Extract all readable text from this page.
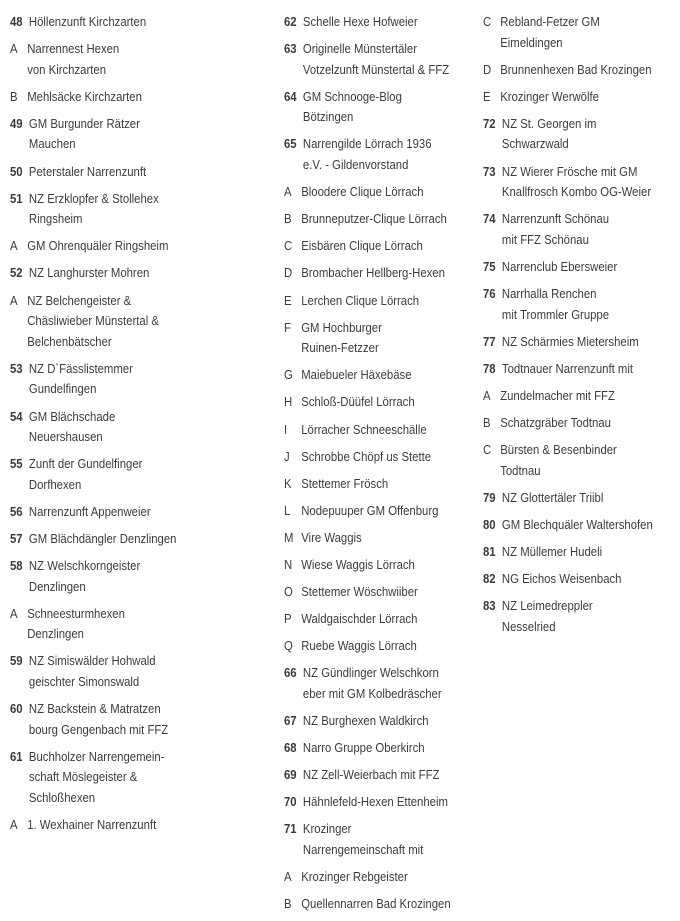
48 Höllenzunft Kirchzarten
A Narrennest Hexen
von Kirchzarten
B Mehlsäcke Kirchzarten
49 GM Burgunder Rätzer
Mauchen
50 Peterstaler Narrenzunft
51 NZ Erzklopfer & Stollehex
Ringsheim
A GM Ohrenquäler Ringsheim
52 NZ Langhurster Mohren
A NZ Belchengeister &
Chäsliwieber Münstertal &
Belchenbätscher
53 NZ D`Fässlistemmer
Gundelfingen
54 GM Bläch​schade
Neuershausen
55 Zunft der Gundelfinger
Dorfhexen
56 Narrenzunft Appenweier
57 GM Blächdängler Denzlingen
58 NZ Welschkorngeister
Denzlingen
A Schneesturmhexen
Denzlingen
59 NZ Simiswälder Hohwald
geischter Simonswald
60 NZ Backstein & Matratzen
bourg Gengenbach mit FFZ
61 Buchholzer Narrengemein-
schaft Möslegeister &
Schloßhexen
A 1. Wexhainer Narrenzunft
62 Schelle Hexe Hofweier
63 Originelle Münstertäler
Votzelzunft Münstertal & FFZ
64 GM Schnooge-Blog
Bötzingen
65 Narrengilde Lörrach 1936
e.V. - Gildenvorstand
A Bloodere Clique Lörrach
B Brunneputzer-Clique Lörrach
C Eisbären Clique Lörrach
D Brombacher Hellberg-Hexen
E Lerchen Clique Lörrach
F GM Hochburger
Ruinen-Fetzzer
G Maiebueler Häxebäse
H Schloß-Düüfel Lörrach
I Lörracher Schneeschälle
J Schrobbe Chöpf us Stette
K Stettemer Frösch
L Nodepuuper GM Offenburg
M Vire Waggis
N Wiese Waggis Lörrach
O Stettemer Wöschwiiber
P Waldgaischder Lörrach
Q Ruebe Waggis Lörrach
66 NZ Gündlinger Welschkorn
eber mit GM Kolbedräscher
67 NZ Burghexen Waldkirch
68 Narro Gruppe Oberkirch
69 NZ Zell-Weierbach mit FFZ
70 Hähnlefeld-Hexen Ettenheim
71 Krozinger
Narrengemeinschaft mit
A Krozinger Rebgeister
B Quellennarren Bad Krozingen
C Rebland-Fetzer GM
Eimeldingen
D Brunnenhexen Bad Krozingen
E Krozinger Werwölfe
72 NZ St. Georgen im
Schwarzwald
73 NZ Wierer Frösche mit GM
Knallfrosch Kombo OG-Weier
74 Narrenzunft Schönau
mit FFZ Schönau
75 Narrenclub Ebersweier
76 Narrhalla Renchen
mit Trommler Gruppe
77 NZ Schärmies Mietersheim
78 Todtnauer Narrenzunft mit
A Zundelmacher mit FFZ
B Schatzgräber Todtnau
C Bürsten & Besenbinder
Todtnau
79 NZ Glottertäler Triibl
80 GM Blechquäler Waltershofen
81 NZ Müllemer Hudeli
82 NG Eichos Weisenbach
83 NZ Leimedreppler
Nesselried
